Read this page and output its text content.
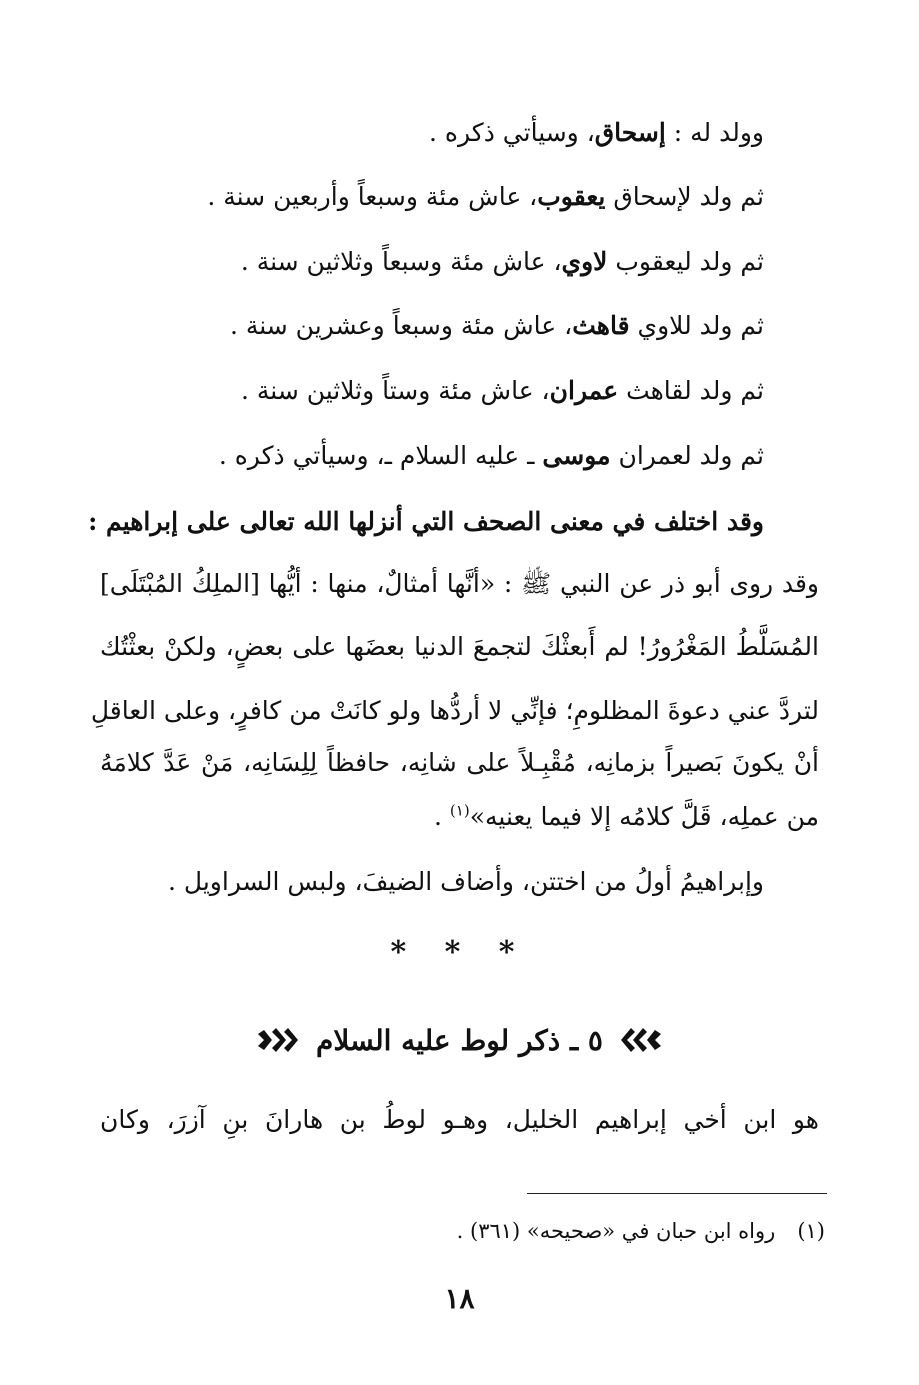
وولد له : إسحاق، وسيأتي ذكره .
ثم ولد لإسحاق يعقوب، عاش مئة وسبعاً وأربعين سنة .
ثم ولد ليعقوب لاوي، عاش مئة وسبعاً وثلاثين سنة .
ثم ولد للاوي قاهث، عاش مئة وسبعاً وعشرين سنة .
ثم ولد لقاهث عمران، عاش مئة وستاً وثلاثين سنة .
ثم ولد لعمران موسى ـ عليه السلام ـ، وسيأتي ذكره .
وقد اختلف في معنى الصحف التي أنزلها الله تعالى على إبراهيم :
وقد روى أبو ذر عن النبي ﷺ : «أنَّها أمثالٌ، منها : أيُّها [الملِكُ المُبْتَلَى]
المُسَلَّطُ المَغْرُورُ! لم أَبعثْكَ لتجمعَ الدنيا بعضَها على بعضٍ، ولكنْ بعثْتُك
لتردَّ عني دعوةَ المظلومِ؛ فإنِّي لا أردُّها ولو كانَتْ من كافرٍ، وعلى العاقلِ
أنْ يكونَ بَصيراً بزمانِه، مُقْبِـلاً على شانِه، حافظاً لِلِسَانِه، مَنْ عَدَّ كلامَهُ
من عملِه، قَلَّ كلامُه إلا فيما يعنيه»$^{(١)}$ .
وإبراهيمُ أولُ من اختتن، وأضاف الضيفَ، ولبس السراويل .
* * *
٥ ـ ذكر لوط عليه السلام
هو ابن أخي إبراهيم الخليل، وهـو لوطُ بن هارانَ بنِ آزرَ، وكان
(١)رواه ابن حبان في «صحيحه» (٣٦١) .
١٨
